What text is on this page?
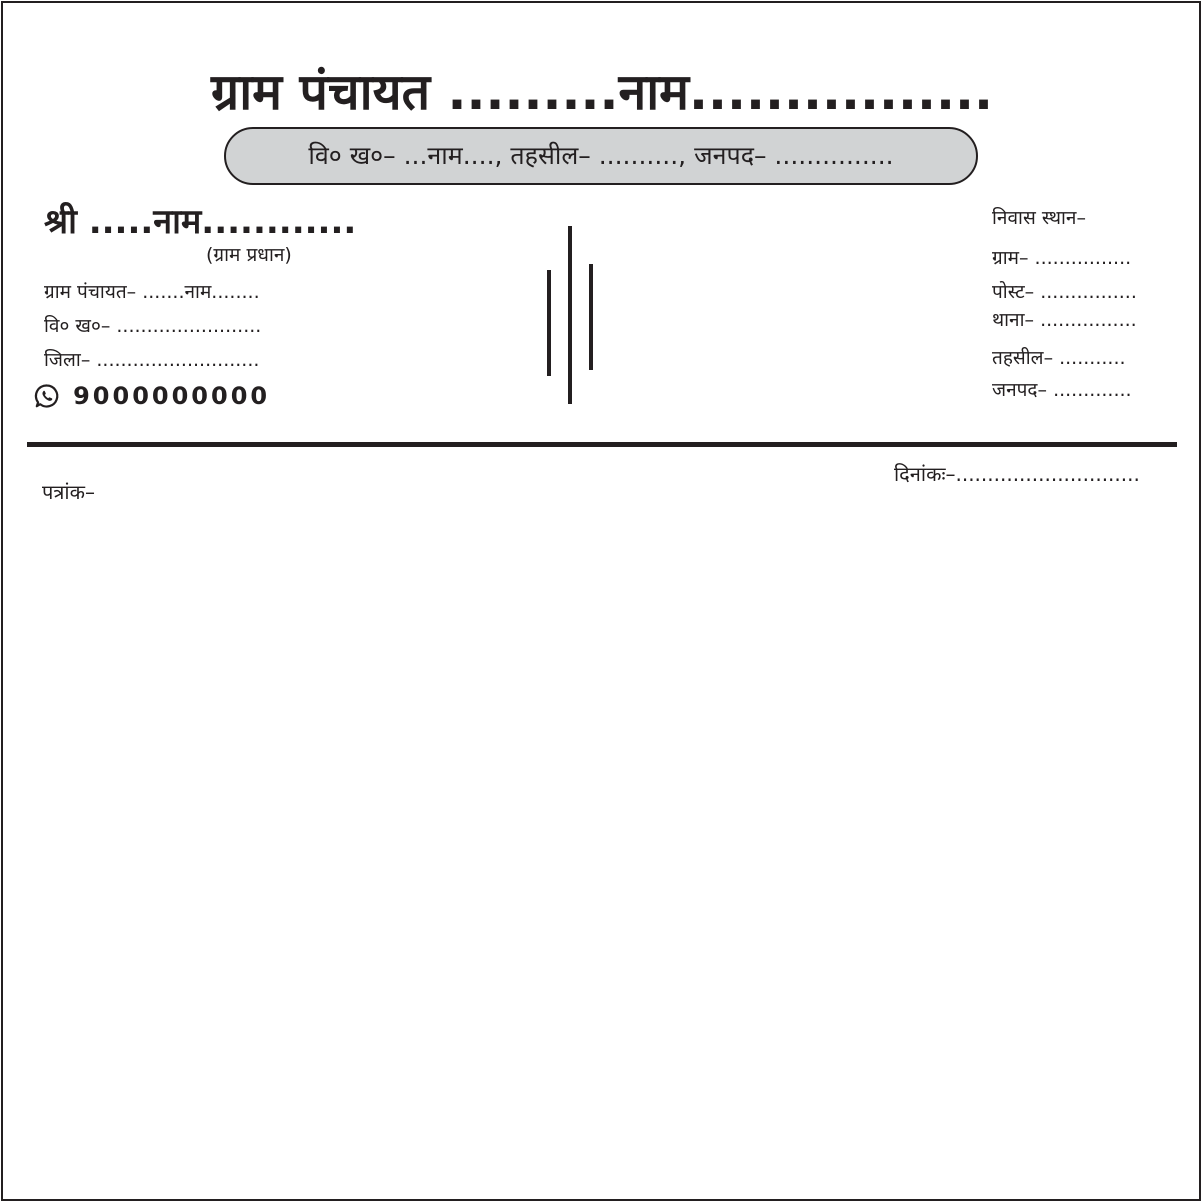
ग्राम पंचायत .........नाम................
वि० ख०– ...नाम...., तहसील– .........., जनपद– ...............
श्री .....नाम............
(ग्राम प्रधान)
ग्राम पंचायत– .......नाम........
वि० ख०– ........................
जिला– ...........................
9000000000
निवास स्थान–
ग्राम– ................
पोस्ट– ................
थाना– ................
तहसील– ...........
जनपद– .............
पत्रांक–
दिनांकः–.............................
